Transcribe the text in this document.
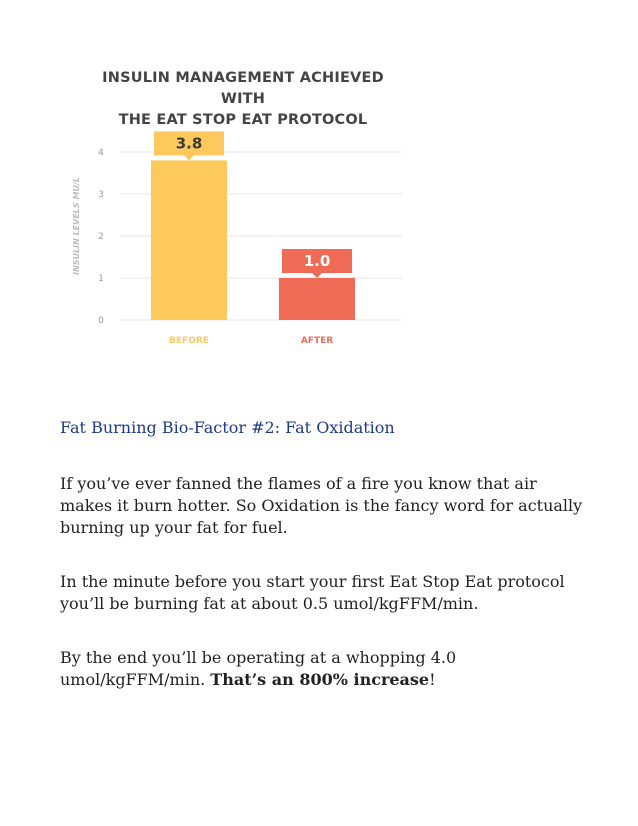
INSULIN MANAGEMENT ACHIEVED WITH
THE EAT STOP EAT PROTOCOL
0
1
2
3
4
INSULIN LEVELS MU/L
3.8
BEFORE
1.0
AFTER

Fat Burning Bio-Factor #2: Fat Oxidation

If you’ve ever fanned the flames of a fire you know that air makes it burn hotter. So Oxidation is the fancy word for actually burning up your fat for fuel.

In the minute before you start your first Eat Stop Eat protocol you’ll be burning fat at about 0.5 umol/kgFFM/min.

By the end you’ll be operating at a whopping 4.0 umol/kgFFM/min. That’s an 800% increase!
